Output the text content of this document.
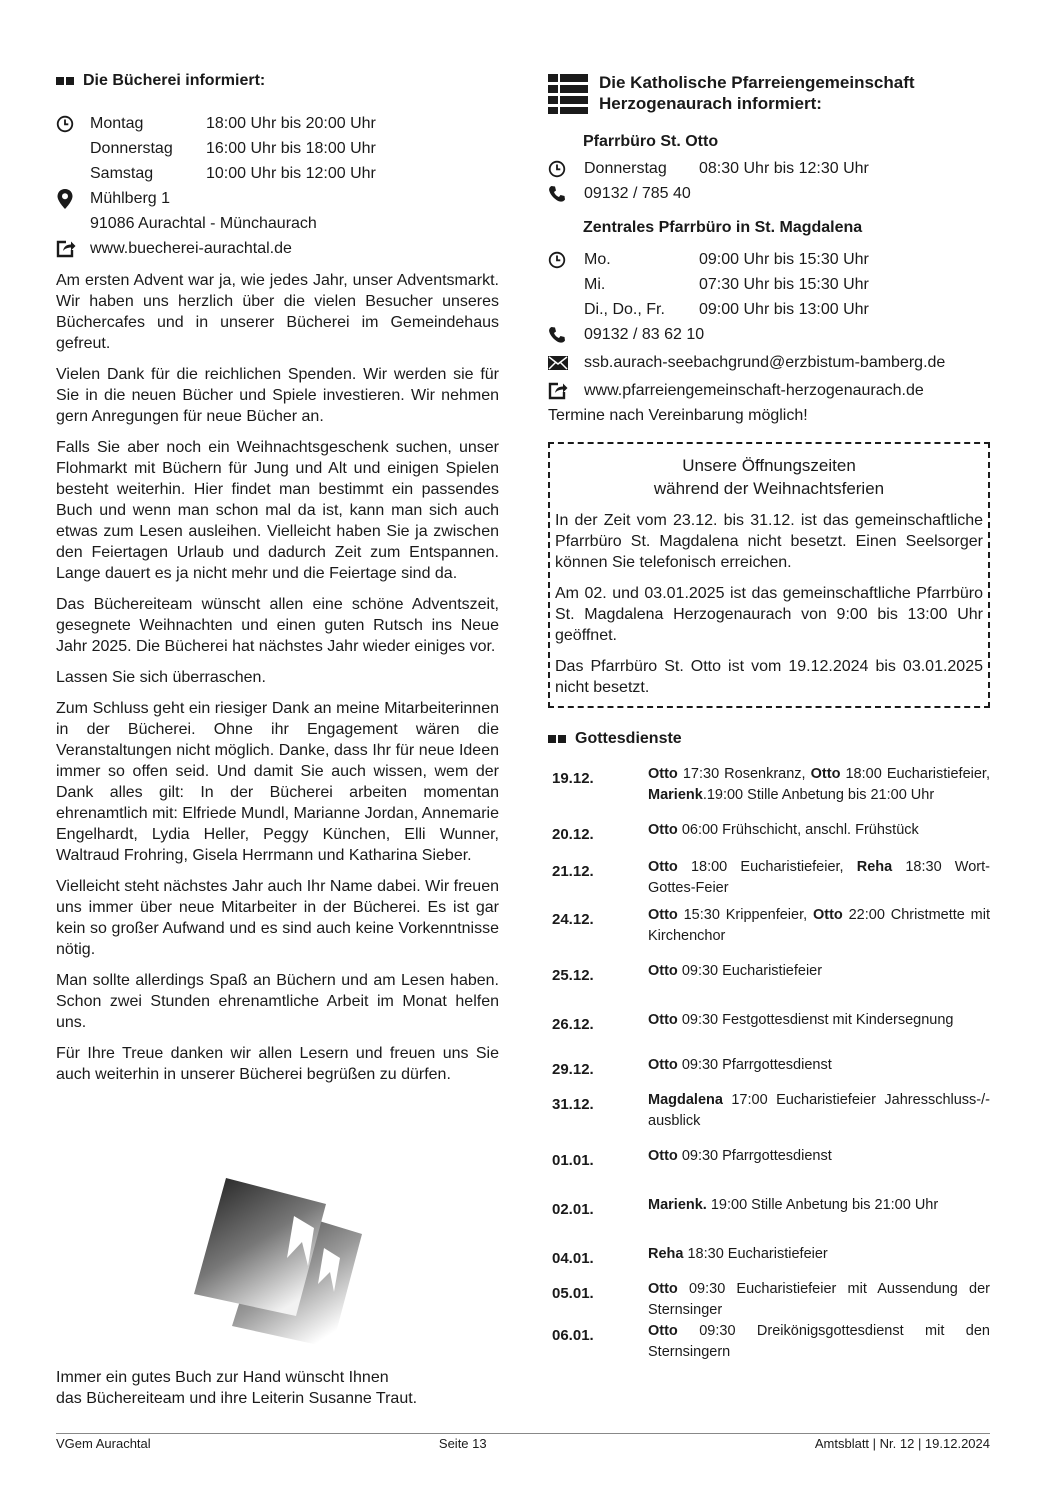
Die Bücherei informiert:
Montag	18:00 Uhr bis 20:00 Uhr
Donnerstag	16:00 Uhr bis 18:00 Uhr
Samstag	10:00 Uhr bis 12:00 Uhr
Mühlberg 1
91086 Aurachtal - Münchaurach
www.buecherei-aurachtal.de

Am ersten Advent war ja, wie jedes Jahr, unser Adventsmarkt. Wir haben uns herzlich über die vielen Besucher unseres Büchercafes und in unserer Bücherei im Gemeindehaus gefreut.

Vielen Dank für die reichlichen Spenden. Wir werden sie für Sie in die neuen Bücher und Spiele investieren. Wir nehmen gern Anregungen für neue Bücher an.

Falls Sie aber noch ein Weihnachtsgeschenk suchen, unser Flohmarkt mit Büchern für Jung und Alt und einigen Spielen besteht weiterhin. Hier findet man bestimmt ein passendes Buch und wenn man schon mal da ist, kann man sich auch etwas zum Lesen ausleihen. Vielleicht haben Sie ja zwischen den Feiertagen Urlaub und dadurch Zeit zum Entspannen. Lange dauert es ja nicht mehr und die Feiertage sind da.

Das Büchereiteam wünscht allen eine schöne Adventszeit, gesegnete Weihnachten und einen guten Rutsch ins Neue Jahr 2025. Die Bücherei hat nächstes Jahr wieder einiges vor.

Lassen Sie sich überraschen.

Zum Schluss geht ein riesiger Dank an meine Mitarbeiterinnen in der Bücherei. Ohne ihr Engagement wären die Veranstaltungen nicht möglich. Danke, dass Ihr für neue Ideen immer so offen seid. Und damit Sie auch wissen, wem der Dank alles gilt: In der Bücherei arbeiten momentan ehrenamtlich mit: Elfriede Mundl, Marianne Jordan, Annemarie Engelhardt, Lydia Heller, Peggy Künchen, Elli Wunner, Waltraud Frohring, Gisela Herrmann und Katharina Sieber.

Vielleicht steht nächstes Jahr auch Ihr Name dabei. Wir freuen uns immer über neue Mitarbeiter in der Bücherei. Es ist gar kein so großer Aufwand und es sind auch keine Vorkenntnisse nötig.

Man sollte allerdings Spaß an Büchern und am Lesen haben. Schon zwei Stunden ehrenamtliche Arbeit im Monat helfen uns.

Für Ihre Treue danken wir allen Lesern und freuen uns Sie auch weiterhin in unserer Bücherei begrüßen zu dürfen.

Immer ein gutes Buch zur Hand wünscht Ihnen
das Büchereiteam und ihre Leiterin Susanne Traut.
Die Katholische Pfarreiengemeinschaft
Herzogenaurach informiert:
Pfarrbüro St. Otto
Donnerstag	08:30 Uhr bis 12:30 Uhr
09132 / 785 40
Zentrales Pfarrbüro in St. Magdalena
Mo.	09:00 Uhr bis 15:30 Uhr
Mi.	07:30 Uhr bis 15:30 Uhr
Di., Do., Fr.	09:00 Uhr bis 13:00 Uhr
09132 / 83 62 10
ssb.aurach-seebachgrund@erzbistum-bamberg.de
www.pfarreiengemeinschaft-herzogenaurach.de
Termine nach Vereinbarung möglich!
Unsere Öffnungszeiten
während der Weihnachtsferien

In der Zeit vom 23.12. bis 31.12. ist das gemeinschaftliche Pfarrbüro St. Magdalena nicht besetzt. Einen Seelsorger können Sie telefonisch erreichen.

Am 02. und 03.01.2025 ist das gemeinschaftliche Pfarrbüro St. Magdalena Herzogenaurach von 9:00 bis 13:00 Uhr geöffnet.

Das Pfarrbüro St. Otto ist vom 19.12.2024 bis 03.01.2025 nicht besetzt.

Gottesdienste
19.12.	Otto 17:30 Rosenkranz, Otto 18:00 Eucharistiefeier, Marienk.19:00 Stille Anbetung bis 21:00 Uhr
20.12.	Otto 06:00 Frühschicht, anschl. Frühstück
21.12.	Otto 18:00 Eucharistiefeier, Reha 18:30 Wort-Gottes-Feier
24.12.	Otto 15:30 Krippenfeier, Otto 22:00 Christmette mit Kirchenchor
25.12.	Otto 09:30 Eucharistiefeier
26.12.	Otto 09:30 Festgottesdienst mit Kindersegnung
29.12.	Otto 09:30 Pfarrgottesdienst
31.12.	Magdalena 17:00 Eucharistiefeier Jahresschluss-/-ausblick
01.01.	Otto 09:30 Pfarrgottesdienst
02.01.	Marienk. 19:00 Stille Anbetung bis 21:00 Uhr
04.01.	Reha 18:30 Eucharistiefeier
05.01.	Otto 09:30 Eucharistiefeier mit Aussendung der Sternsinger
06.01.	Otto 09:30 Dreikönigsgottesdienst mit den Sternsingern
VGem Aurachtal	Seite 13	Amtsblatt | Nr. 12 | 19.12.2024
